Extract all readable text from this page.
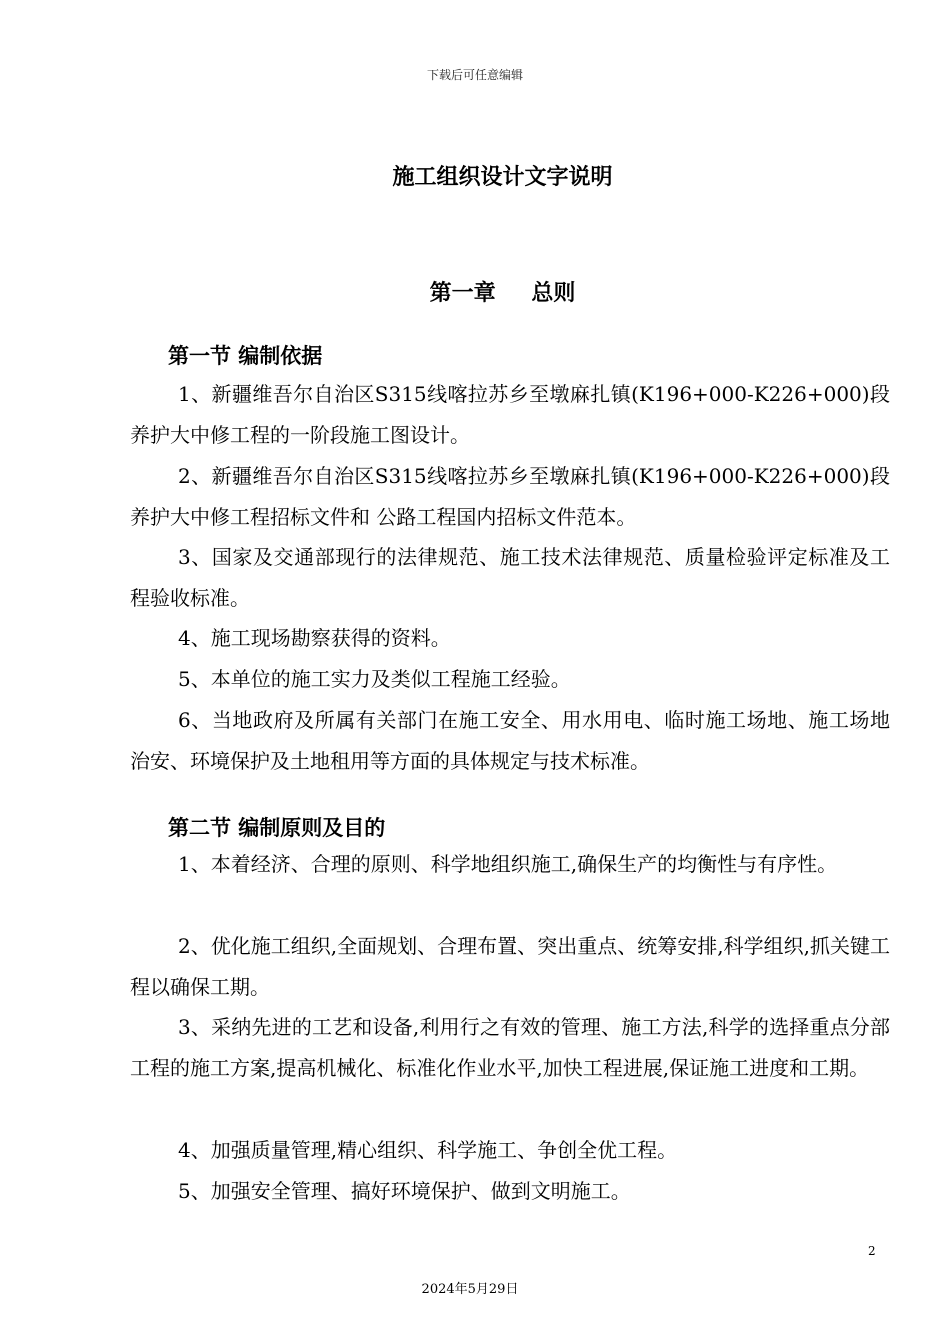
下载后可任意编辑
施工组织设计文字说明
第一章 总则
第一节 编制依据
1、新疆维吾尔自治区S315线喀拉苏乡至墩麻扎镇(K196+000-K226+000)段养护大中修工程的一阶段施工图设计。
2、新疆维吾尔自治区S315线喀拉苏乡至墩麻扎镇(K196+000-K226+000)段养护大中修工程招标文件和 公路工程国内招标文件范本。
3、国家及交通部现行的法律规范、施工技术法律规范、质量检验评定标准及工程验收标准。
4、施工现场勘察获得的资料。
5、本单位的施工实力及类似工程施工经验。
6、当地政府及所属有关部门在施工安全、用水用电、临时施工场地、施工场地治安、环境保护及土地租用等方面的具体规定与技术标准。
第二节 编制原则及目的
1、本着经济、合理的原则、科学地组织施工,确保生产的均衡性与有序性。
2、优化施工组织,全面规划、合理布置、突出重点、统筹安排,科学组织,抓关键工程以确保工期。
3、采纳先进的工艺和设备,利用行之有效的管理、施工方法,科学的选择重点分部工程的施工方案,提高机械化、标准化作业水平,加快工程进展,保证施工进度和工期。
4、加强质量管理,精心组织、科学施工、争创全优工程。
5、加强安全管理、搞好环境保护、做到文明施工。
2
2024年5月29日
